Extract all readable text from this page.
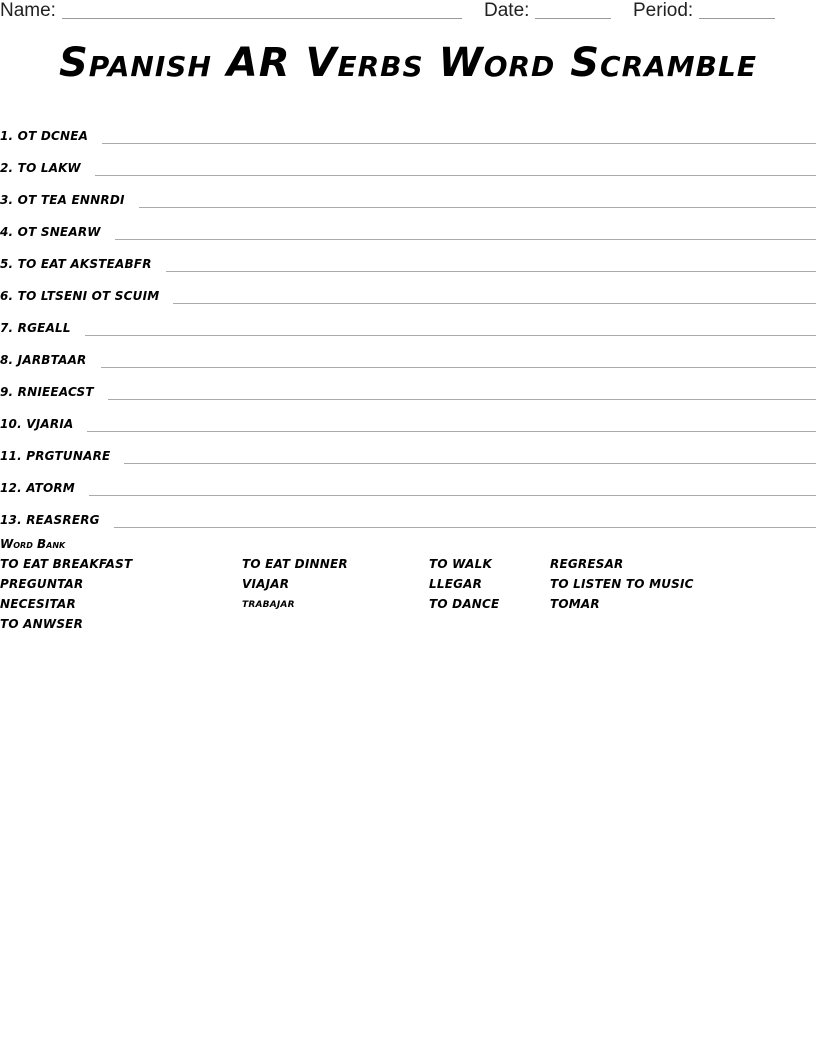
Name:	Date:	Period:
Spanish AR Verbs Word Scramble
1. OT DCNEA
2. TO LAKW
3. OT TEA ENNRDI
4. OT SNEARW
5. TO EAT AKSTEABFR
6. TO LTSENI OT SCUIM
7. RGEALL
8. JARBTAAR
9. RNIEEACST
10. VJARIA
11. PRGTUNARE
12. ATORM
13. REASRERG
Word Bank
TO EAT BREAKFAST	TO EAT DINNER	TO WALK	REGRESAR
PREGUNTAR	VIAJAR	LLEGAR	TO LISTEN TO MUSIC
NECESITAR	TRABAJAR	TO DANCE	TOMAR
TO ANWSER
